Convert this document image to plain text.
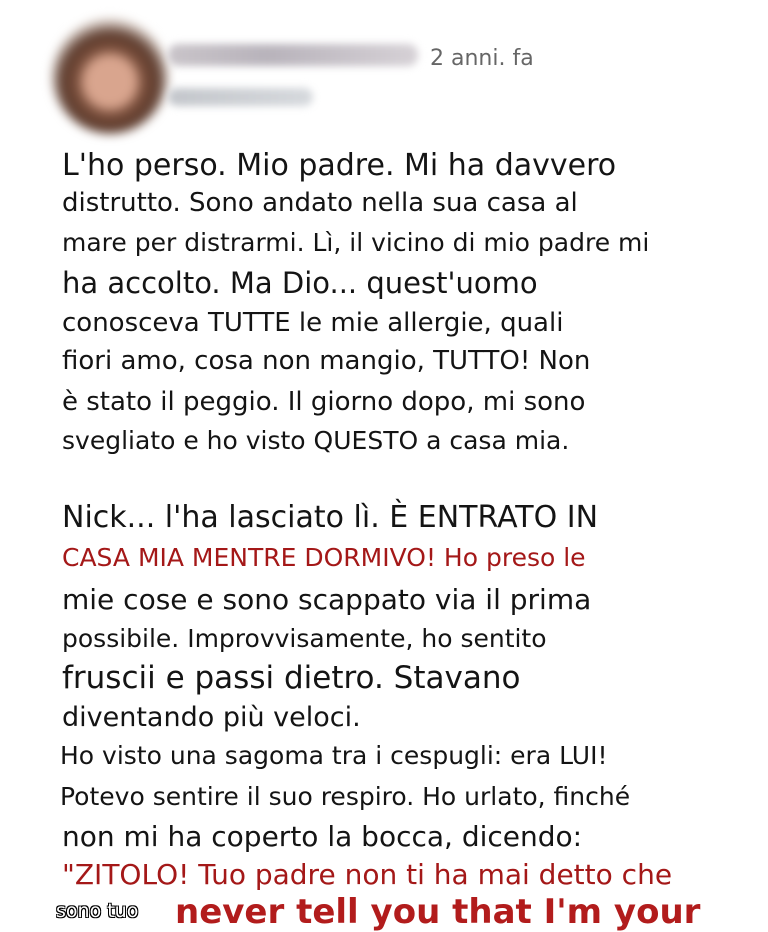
2 anni. fa
L'ho perso. Mio padre. Mi ha davvero
distrutto. Sono andato nella sua casa al
mare per distrarmi. Lì, il vicino di mio padre mi
ha accolto. Ma Dio... quest'uomo
conosceva TUTTE le mie allergie, quali
fiori amo, cosa non mangio, TUTTO! Non
è stato il peggio. Il giorno dopo, mi sono
svegliato e ho visto QUESTO a casa mia.
Nick... l'ha lasciato lì. È ENTRATO IN
CASA MIA MENTRE DORMIVO! Ho preso le
mie cose e sono scappato via il prima
possibile. Improvvisamente, ho sentito
fruscii e passi dietro. Stavano
diventando più veloci.
Ho visto una sagoma tra i cespugli: era LUI!
Potevo sentire il suo respiro. Ho urlato, finché
non mi ha coperto la bocca, dicendo:
"ZITOLO! Tuo padre non ti ha mai detto che
never tell you that I'm your
sono tuo
